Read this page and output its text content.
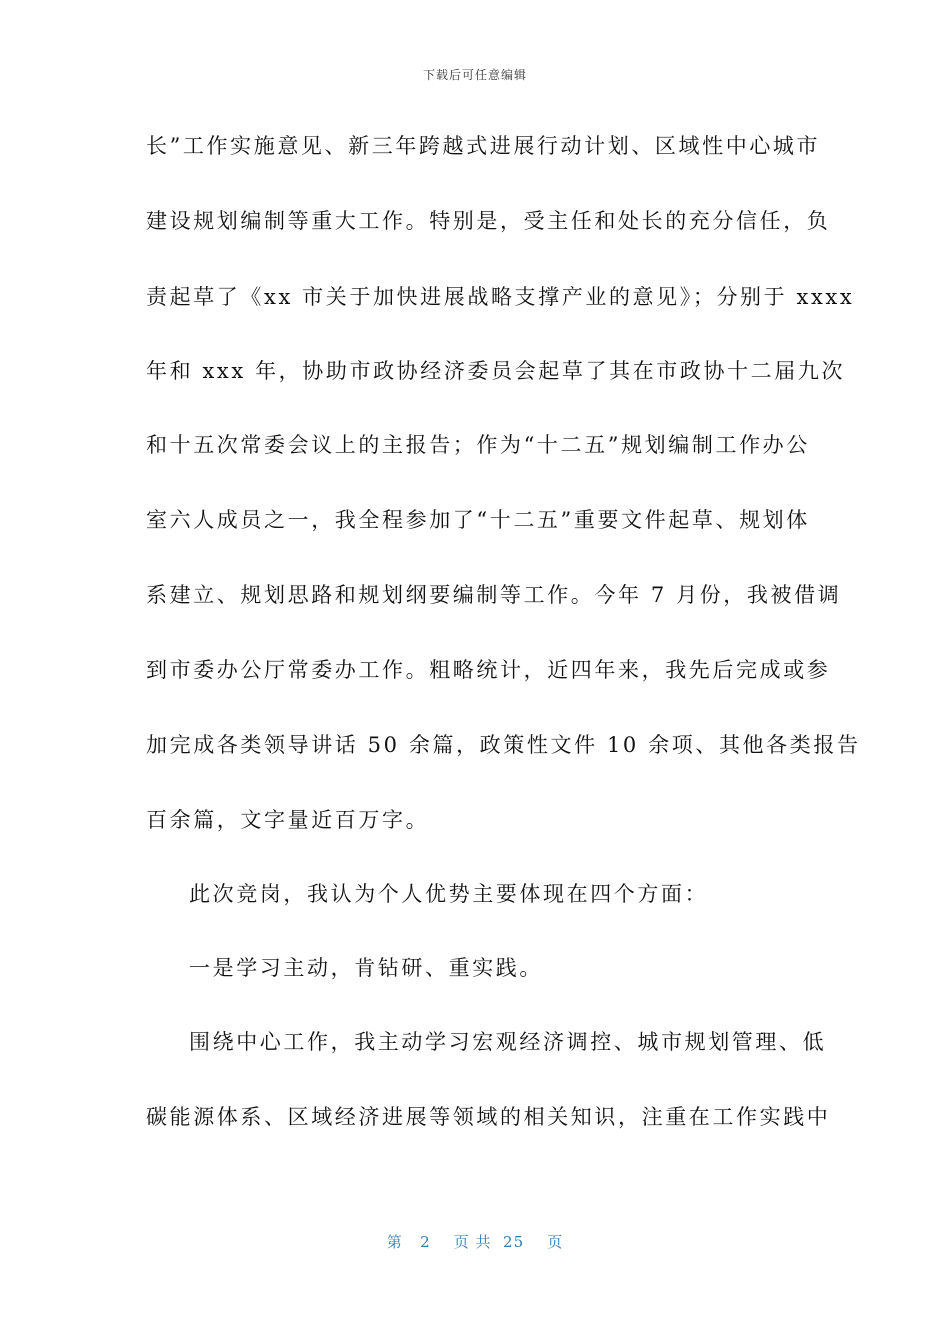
下载后可任意编辑
长”工作实施意见、新三年跨越式进展行动计划、区域性中心城市
建设规划编制等重大工作。特别是，受主任和处长的充分信任，负
责起草了《xx 市关于加快进展战略支撑产业的意见》；分别于 xxxx
年和 xxx 年，协助市政协经济委员会起草了其在市政协十二届九次
和十五次常委会议上的主报告；作为“十二五”规划编制工作办公
室六人成员之一，我全程参加了“十二五”重要文件起草、规划体
系建立、规划思路和规划纲要编制等工作。今年 7 月份，我被借调
到市委办公厅常委办工作。粗略统计，近四年来，我先后完成或参
加完成各类领导讲话 50 余篇，政策性文件 10 余项、其他各类报告
百余篇，文字量近百万字。
此次竞岗，我认为个人优势主要体现在四个方面：
一是学习主动，肯钻研、重实践。
围绕中心工作，我主动学习宏观经济调控、城市规划管理、低
碳能源体系、区域经济进展等领域的相关知识，注重在工作实践中
第 2 页 共 25 页
